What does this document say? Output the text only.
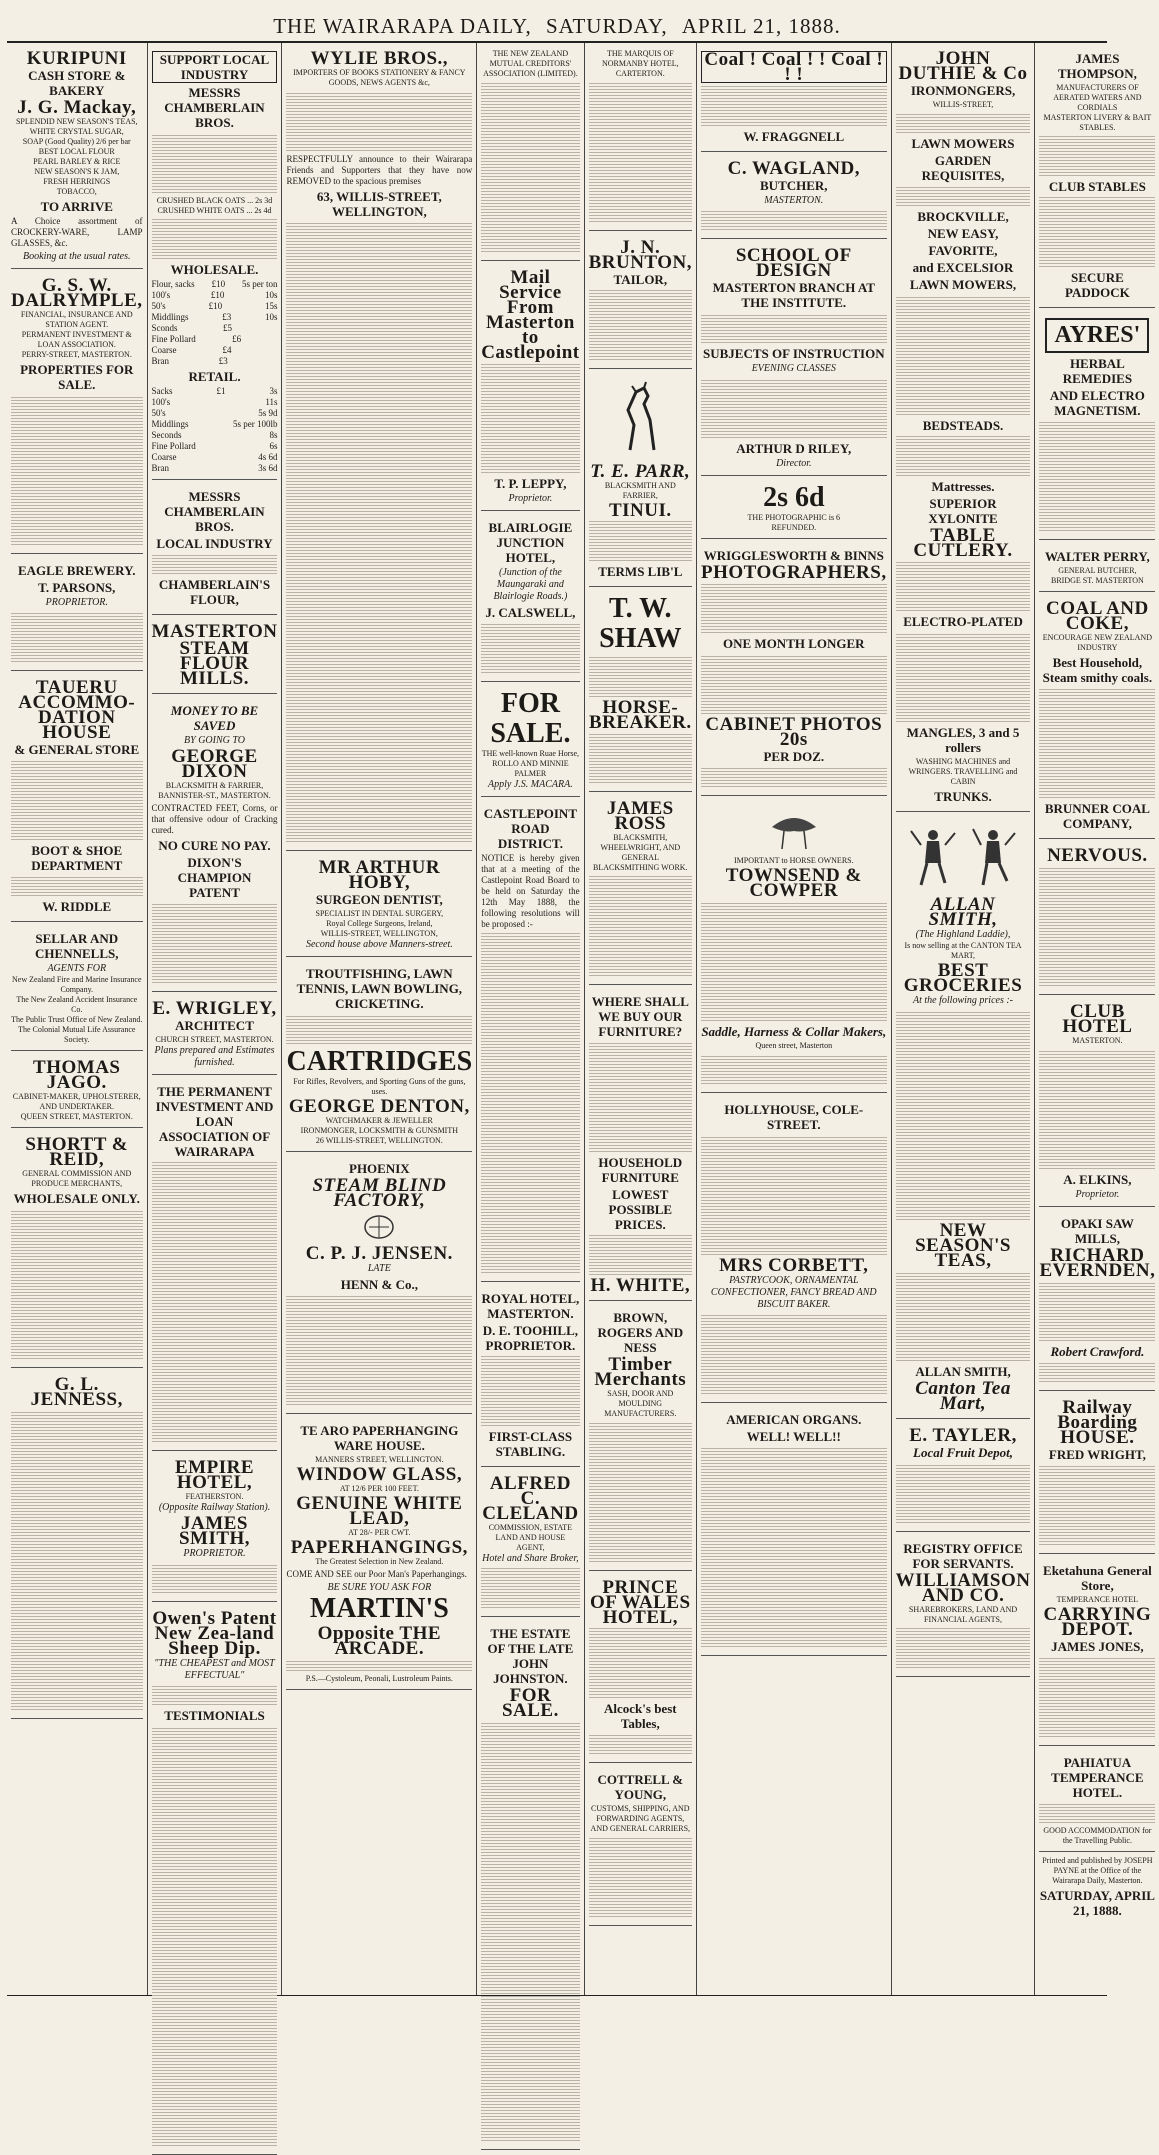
THE WAIRARAPA DAILY, SATURDAY, APRIL 21, 1888.
KURIPUNI
CASH STORE & BAKERY
J. G. Mackay,
SPLENDID NEW SEASON'S TEAS,
WHITE CRYSTAL SUGAR,
SOAP (Good Quality) 2/6 per bar
BEST LOCAL FLOUR
PEARL BARLEY & RICE
NEW SEASON'S K JAM,
FRESH HERRINGS
TOBACCO,
TO ARRIVE
A Choice assortment of CROCKERY-WARE, LAMP GLASSES, &c.
Booking at the usual rates.
G. S. W. DALRYMPLE,
FINANCIAL, INSURANCE AND STATION AGENT.
PERMANENT INVESTMENT & LOAN ASSOCIATION.
PERRY-STREET, MASTERTON.
PROPERTIES FOR SALE.
EAGLE BREWERY.
T. PARSONS,
PROPRIETOR.
TAUERU ACCOMMO-DATION HOUSE
& GENERAL STORE
BOOT & SHOE DEPARTMENT
W. RIDDLE
SELLAR AND CHENNELLS,
AGENTS FOR
New Zealand Fire and Marine Insurance Company.
The New Zealand Accident Insurance Co.
The Public Trust Office of New Zealand.
The Colonial Mutual Life Assurance Society.
THOMAS JAGO.
CABINET-MAKER, UPHOLSTERER, AND UNDERTAKER.
QUEEN STREET, MASTERTON.
SHORTT & REID,
GENERAL COMMISSION AND PRODUCE MERCHANTS,
WHOLESALE ONLY.
G. L. JENNESS,
SUPPORT LOCAL INDUSTRY
MESSRS CHAMBERLAIN BROS.
CRUSHED BLACK OATS ... 2s 3d
CRUSHED WHITE OATS ... 2s 4d
WHOLESALE.
Flour, sacks £10 5s per ton
100's	£10	10s
50's	£10	15s
Middlings	£3	10s
Sconds	£5
Fine Pollard	£6
Coarse	£4
Bran	£3
RETAIL.
Sacks	£1	3s
100's	11s
50's	5s 9d
Middlings	5s per 100lb
Seconds	8s
Fine Pollard	6s
Coarse	4s 6d
Bran	3s 6d
MESSRS CHAMBERLAIN BROS.
LOCAL INDUSTRY
CHAMBERLAIN'S FLOUR,
MASTERTON
STEAM FLOUR MILLS.
MONEY TO BE SAVED
BY GOING TO
GEORGE DIXON
BLACKSMITH & FARRIER, BANNISTER-ST., MASTERTON.
CONTRACTED FEET, Corns, or that offensive odour of Cracking cured.
NO CURE NO PAY.
DIXON'S CHAMPION PATENT
E. WRIGLEY,
ARCHITECT
CHURCH STREET, MASTERTON.
Plans prepared and Estimates furnished.
THE PERMANENT INVESTMENT AND LOAN ASSOCIATION OF WAIRARAPA
EMPIRE HOTEL,
FEATHERSTON.
(Opposite Railway Station).
JAMES SMITH,
PROPRIETOR.
Owen's Patent New Zea-land Sheep Dip.
"THE CHEAPEST and MOST EFFECTUAL"
TESTIMONIALS
WYLIE BROS.,
IMPORTERS OF BOOKS STATIONERY & FANCY GOODS, NEWS AGENTS &c,
RESPECTFULLY announce to their Wairarapa Friends and Supporters that they have now REMOVED to the spacious premises
63, WILLIS-STREET, WELLINGTON,
MR ARTHUR HOBY,
SURGEON DENTIST,
SPECIALIST IN DENTAL SURGERY,
Royal College Surgeons, Ireland,
WILLIS-STREET, WELLINGTON,
Second house above Manners-street.
TROUTFISHING, LAWN TENNIS, LAWN BOWLING, CRICKETING.
CARTRIDGES
For Rifles, Revolvers, and Sporting Guns of the guns, uses.
GEORGE DENTON,
WATCHMAKER & JEWELLER
IRONMONGER, LOCKSMITH & GUNSMITH
26 WILLIS-STREET, WELLINGTON.
PHOENIX
STEAM BLIND FACTORY,
C. P. J. JENSEN.
LATE
HENN & Co.,
TE ARO PAPERHANGING WARE HOUSE.
MANNERS STREET, WELLINGTON.
WINDOW GLASS,
AT 12/6 PER 100 FEET.
GENUINE WHITE LEAD,
AT 28/- PER CWT.
PAPERHANGINGS,
The Greatest Selection in New Zealand.
COME AND SEE our Poor Man's Paperhangings.
BE SURE YOU ASK FOR
MARTIN'S
Opposite THE ARCADE.
P.S.—Cystoleum, Peonali, Lustroleum Paints.
THE NEW ZEALAND MUTUAL CREDITORS' ASSOCIATION (LIMITED).
Mail Service From Masterton to Castlepoint
T. P. LEPPY,
Proprietor.
BLAIRLOGIE JUNCTION HOTEL,
(Junction of the Maungaraki and Blairlogie Roads.)
J. CALSWELL,
FOR SALE.
THE well-known Ruae Horse,
ROLLO AND MINNIE PALMER
Apply J.S. MACARA.
CASTLEPOINT ROAD DISTRICT.
NOTICE is hereby given that at a meeting of the Castlepoint Road Board to be held on Saturday the 12th May 1888, the following resolutions will be proposed :-
ROYAL HOTEL, MASTERTON.
D. E. TOOHILL, PROPRIETOR.
FIRST-CLASS STABLING.
ALFRED C. CLELAND
COMMISSION, ESTATE LAND AND HOUSE AGENT,
Hotel and Share Broker,
THE ESTATE OF THE LATE JOHN JOHNSTON.
FOR SALE.
THE MARQUIS OF NORMANBY HOTEL, CARTERTON.
J. N. BRUNTON,
TAILOR,
T. E. PARR,
BLACKSMITH AND FARRIER,
TINUI.
TERMS LIB'L
T. W. SHAW
HORSE-BREAKER.
JAMES ROSS
BLACKSMITH, WHEELWRIGHT, AND GENERAL BLACKSMITHING WORK.
WHERE SHALL WE BUY OUR FURNITURE?
HOUSEHOLD FURNITURE
LOWEST POSSIBLE PRICES.
H. WHITE,
BROWN, ROGERS AND NESS
Timber Merchants
SASH, DOOR AND MOULDING MANUFACTURERS.
PRINCE OF WALES HOTEL,
Alcock's best Tables,
COTTRELL & YOUNG,
CUSTOMS, SHIPPING, AND FORWARDING AGENTS,
AND GENERAL CARRIERS,
Coal ! Coal ! ! Coal ! ! !
W. FRAGGNELL
C. WAGLAND,
BUTCHER,
MASTERTON.
SCHOOL OF DESIGN
MASTERTON BRANCH AT THE INSTITUTE.
SUBJECTS OF INSTRUCTION
EVENING CLASSES
ARTHUR D RILEY,
Director.
2s 6d
THE PHOTOGRAPHIC is 6
REFUNDED.
WRIGGLESWORTH & BINNS
PHOTOGRAPHERS,
ONE MONTH LONGER
CABINET PHOTOS 20s
PER DOZ.
IMPORTANT to HORSE OWNERS.
TOWNSEND & COWPER
Saddle, Harness & Collar Makers,
Queen street, Masterton
HOLLYHOUSE, COLE-STREET.
MRS CORBETT,
PASTRYCOOK, ORNAMENTAL CONFECTIONER, FANCY BREAD AND BISCUIT BAKER.
AMERICAN ORGANS.
WELL! WELL!!
JOHN DUTHIE & Co
IRONMONGERS,
WILLIS-STREET,
LAWN MOWERS
GARDEN REQUISITES,
BROCKVILLE,
NEW EASY,
FAVORITE,
and EXCELSIOR
LAWN MOWERS,
BEDSTEADS.
Mattresses.
SUPERIOR XYLONITE
TABLE CUTLERY.
ELECTRO-PLATED
MANGLES, 3 and 5 rollers
WASHING MACHINES and WRINGERS. TRAVELLING and CABIN
TRUNKS.
ALLAN SMITH,
(The Highland Laddie),
Is now selling at the CANTON TEA MART,
BEST GROCERIES
At the following prices :-
NEW SEASON'S TEAS,
ALLAN SMITH,
Canton Tea Mart,
E. TAYLER,
Local Fruit Depot,
REGISTRY OFFICE FOR SERVANTS.
WILLIAMSON AND CO.
SHAREBROKERS, LAND AND FINANCIAL AGENTS,
JAMES THOMPSON,
MANUFACTURERS OF AERATED WATERS AND CORDIALS
MASTERTON LIVERY & BAIT STABLES.
CLUB STABLES
SECURE PADDOCK
AYRES'
HERBAL REMEDIES
AND ELECTRO MAGNETISM.
WALTER PERRY,
GENERAL BUTCHER,
BRIDGE ST. MASTERTON
COAL AND COKE,
ENCOURAGE NEW ZEALAND INDUSTRY
Best Household, Steam smithy coals.
BRUNNER COAL COMPANY,
NERVOUS.
CLUB HOTEL
MASTERTON.
A. ELKINS,
Proprietor.
OPAKI SAW MILLS,
RICHARD EVERNDEN,
Robert Crawford.
Railway Boarding HOUSE.
FRED WRIGHT,
Eketahuna General Store,
TEMPERANCE HOTEL
CARRYING DEPOT.
JAMES JONES,
PAHIATUA TEMPERANCE HOTEL.
GOOD ACCOMMODATION for the Travelling Public.
Printed and published by JOSEPH PAYNE at the Office of the Wairarapa Daily, Masterton.
SATURDAY, APRIL 21, 1888.
